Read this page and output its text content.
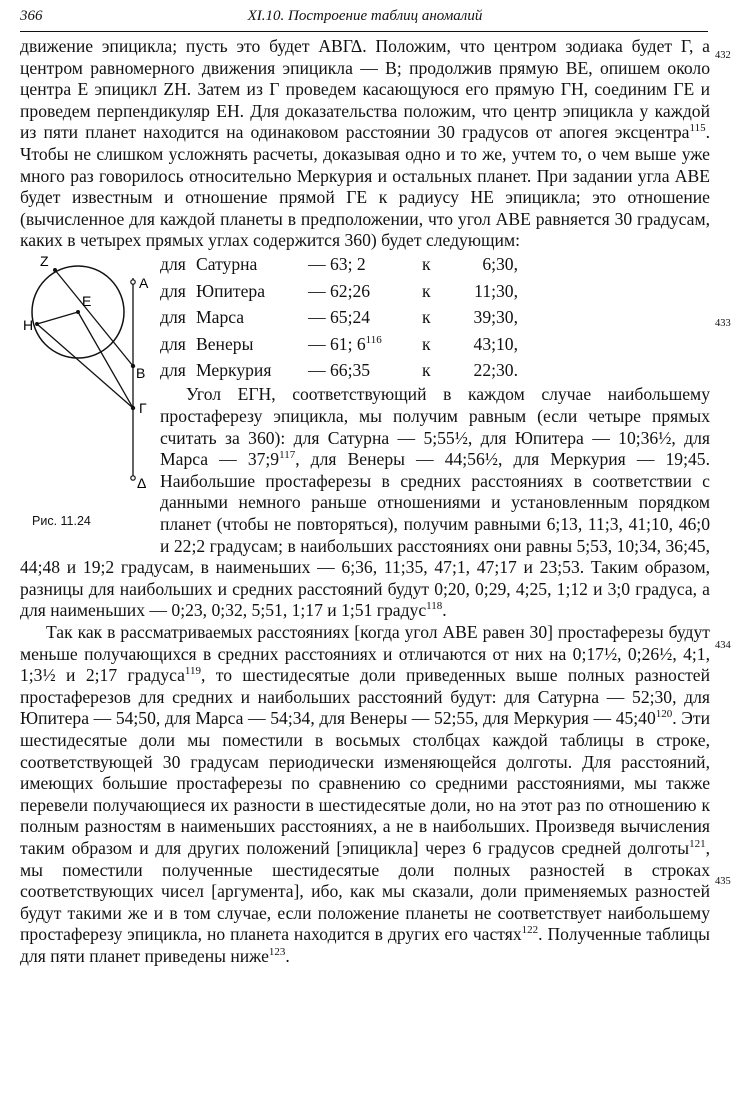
366	XI.10. Построение таблиц аномалий

движение эпицикла; пусть это будет ΑΒΓΔ. Положим, что центром зодиака будет Γ, а центром равномерного движения эпицикла — B; продолжив прямую BE, опишем около центра E эпицикл ZH. Затем из Γ проведем касающуюся его прямую ΓH, соединим ΓE и проведем перпендикуляр EH. Для доказательства положим, что центр эпицикла у каждой из пяти планет находится на одинаковом расстоянии 30 градусов от апогея эксцентра$^{115}$. Чтобы не слишком усложнять расчеты, доказывая одно и то же, учтем то, о чем выше уже много раз говорилось относительно Меркурия и остальных планет. При задании угла ΑΒΕ будет известным и отношение прямой ΓΕ к радиусу HE эпицикла; это отношение (вычисленное для каждой планеты в предположении, что угол ΑΒΕ равняется 30 градусам, каких в четырех прямых углах содержится 360) будет следующим:

Z
E
H
A
B
Γ
Δ
Рис. 11.24
для	Сатурна	— 63; 2	к	6;30,
для	Юпитера	— 62;26	к	11;30,
для	Марса	— 65;24	к	39;30,
для	Венеры	— 61; $6^{116}$	к	43;10,
для	Меркурия	— 66;35	к	22;30.

Угол ΕΓΗ, соответствующий в каждом случае наибольшему простаферезу эпицикла, мы получим равным (если четыре прямых считать за 360): для Сатурна — 5;55½, для Юпитера — 10;36½, для Марса — $37;9^{117}$, для Венеры — 44;56½, для Меркурия — 19;45. Наибольшие простаферезы в средних расстояниях в соответствии с данными немного раньше отношениями и установленным порядком планет (чтобы не повторяться), получим равными 6;13, 11;3, 41;10, 46;0 и 22;2 градусам; в наибольших расстояниях они равны 5;53, 10;34, 36;45, 44;48 и 19;2 градусам, в наименьших — 6;36, 11;35, 47;1, 47;17 и 23;53. Таким образом, разницы для наибольших и средних расстояний будут 0;20, 0;29, 4;25, 1;12 и 3;0 градуса, а для наименьших — 0;23, 0;32, 5;51, 1;17 и 1;51 градус$^{118}$.

Так как в рассматриваемых расстояниях [когда угол ΑΒΕ равен 30] простаферезы будут меньше получающихся в средних расстояниях и отличаются от них на 0;17½, 0;26½, 4;1, 1;3½ и 2;17 градуса$^{119}$, то шестидесятые доли приведенных выше полных разностей простаферезов для средних и наибольших расстояний будут: для Сатурна — 52;30, для Юпитера — 54;50, для Марса — 54;34, для Венеры — 52;55, для Меркурия — $45;40^{120}$. Эти шестидесятые доли мы поместили в восьмых столбцах каждой таблицы в строке, соответствующей 30 градусам периодически изменяющейся долготы. Для расстояний, имеющих большие простаферезы по сравнению со средними расстояниями, мы также перевели получающиеся их разности в шестидесятые доли, но на этот раз по отношению к полным разностям в наименьших расстояниях, а не в наибольших. Произведя вычисления таким образом и для других положений [эпицикла] через 6 градусов средней долготы$^{121}$, мы поместили полученные шестидесятые доли полных разностей в строках соответствующих чисел [аргумента], ибо, как мы сказали, доли применяемых разностей будут такими же и в том случае, если положение планеты не соответствует наибольшему простаферезу эпицикла, но планета находится в других его частях$^{122}$. Полученные таблицы для пяти планет приведены ниже$^{123}$.

432
433
434
435
